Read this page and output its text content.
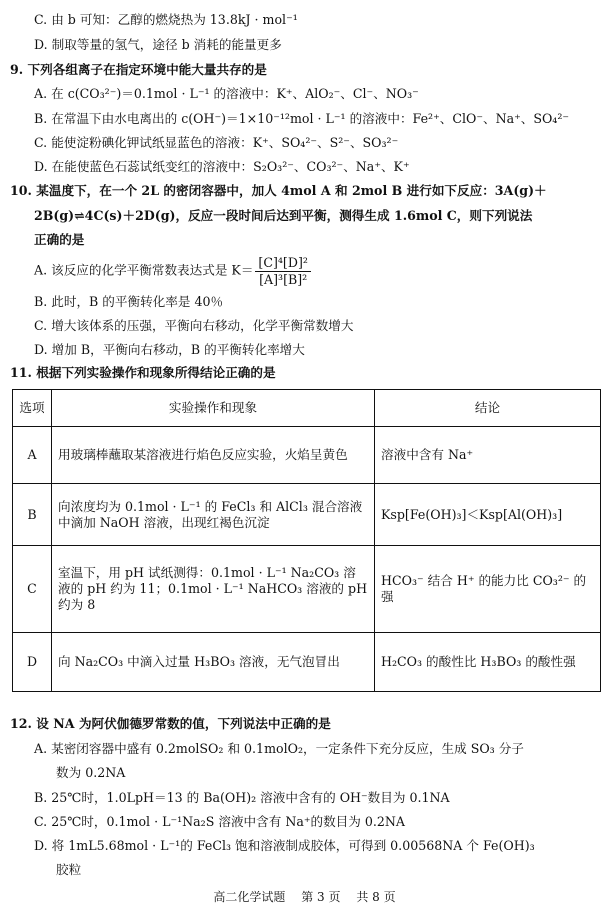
C. 由 b 可知：乙醇的燃烧热为 13.8kJ · mol⁻¹
D. 制取等量的氢气，途径 b 消耗的能量更多
9. 下列各组离子在指定环境中能大量共存的是
A. 在 c(CO₃²⁻)＝0.1mol · L⁻¹ 的溶液中：K⁺、AlO₂⁻、Cl⁻、NO₃⁻
B. 在常温下由水电离出的 c(OH⁻)＝1×10⁻¹²mol · L⁻¹ 的溶液中：Fe²⁺、ClO⁻、Na⁺、SO₄²⁻
C. 能使淀粉碘化钾试纸显蓝色的溶液：K⁺、SO₄²⁻、S²⁻、SO₃²⁻
D. 在能使蓝色石蕊试纸变红的溶液中：S₂O₃²⁻、CO₃²⁻、Na⁺、K⁺
10. 某温度下，在一个 2L 的密闭容器中，加人 4mol A 和 2mol B 进行如下反应：3A(g)＋
2B(g)⇌4C(s)＋2D(g)，反应一段时间后达到平衡，测得生成 1.6mol C，则下列说法
正确的是
A. 该反应的化学平衡常数表达式是 $K= \frac{\text{[C]⁴[D]²}}{\text{[A]³[B]²}}$
B. 此时，B 的平衡转化率是 40％
C. 增大该体系的压强，平衡向右移动，化学平衡常数增大
D. 增加 B，平衡向右移动，B 的平衡转化率增大
11. 根据下列实验操作和现象所得结论正确的是
选项	实验操作和现象	结论
A	用玻璃棒蘸取某溶液进行焰色反应实验，火焰呈黄色	溶液中含有 Na⁺
B	向浓度均为 0.1mol · L⁻¹ 的 FeCl₃ 和 AlCl₃ 混合溶液中滴加 NaOH 溶液，出现红褐色沉淀	Ksp[Fe(OH)₃]＜Ksp[Al(OH)₃]
C	室温下，用 pH 试纸测得：0.1mol · L⁻¹ Na₂CO₃ 溶液的 pH 约为 11；0.1mol · L⁻¹ NaHCO₃ 溶液的 pH 约为 8	HCO₃⁻ 结合 H⁺ 的能力比 CO₃²⁻ 的强
D	向 Na₂CO₃ 中滴入过量 H₃BO₃ 溶液，无气泡冒出	H₂CO₃ 的酸性比 H₃BO₃ 的酸性强
12. 设 NA 为阿伏伽德罗常数的值，下列说法中正确的是
A. 某密闭容器中盛有 0.2molSO₂ 和 0.1molO₂，一定条件下充分反应，生成 SO₃ 分子
数为 0.2NA
B. 25℃时，1.0LpH＝13 的 Ba(OH)₂ 溶液中含有的 OH⁻数目为 0.1NA
C. 25℃时，0.1mol · L⁻¹Na₂S 溶液中含有 Na⁺的数目为 0.2NA
D. 将 1mL5.68mol · L⁻¹的 FeCl₃ 饱和溶液制成胶体，可得到 0.00568NA 个 Fe(OH)₃
胶粒
高二化学试题 第 3 页 共 8 页
